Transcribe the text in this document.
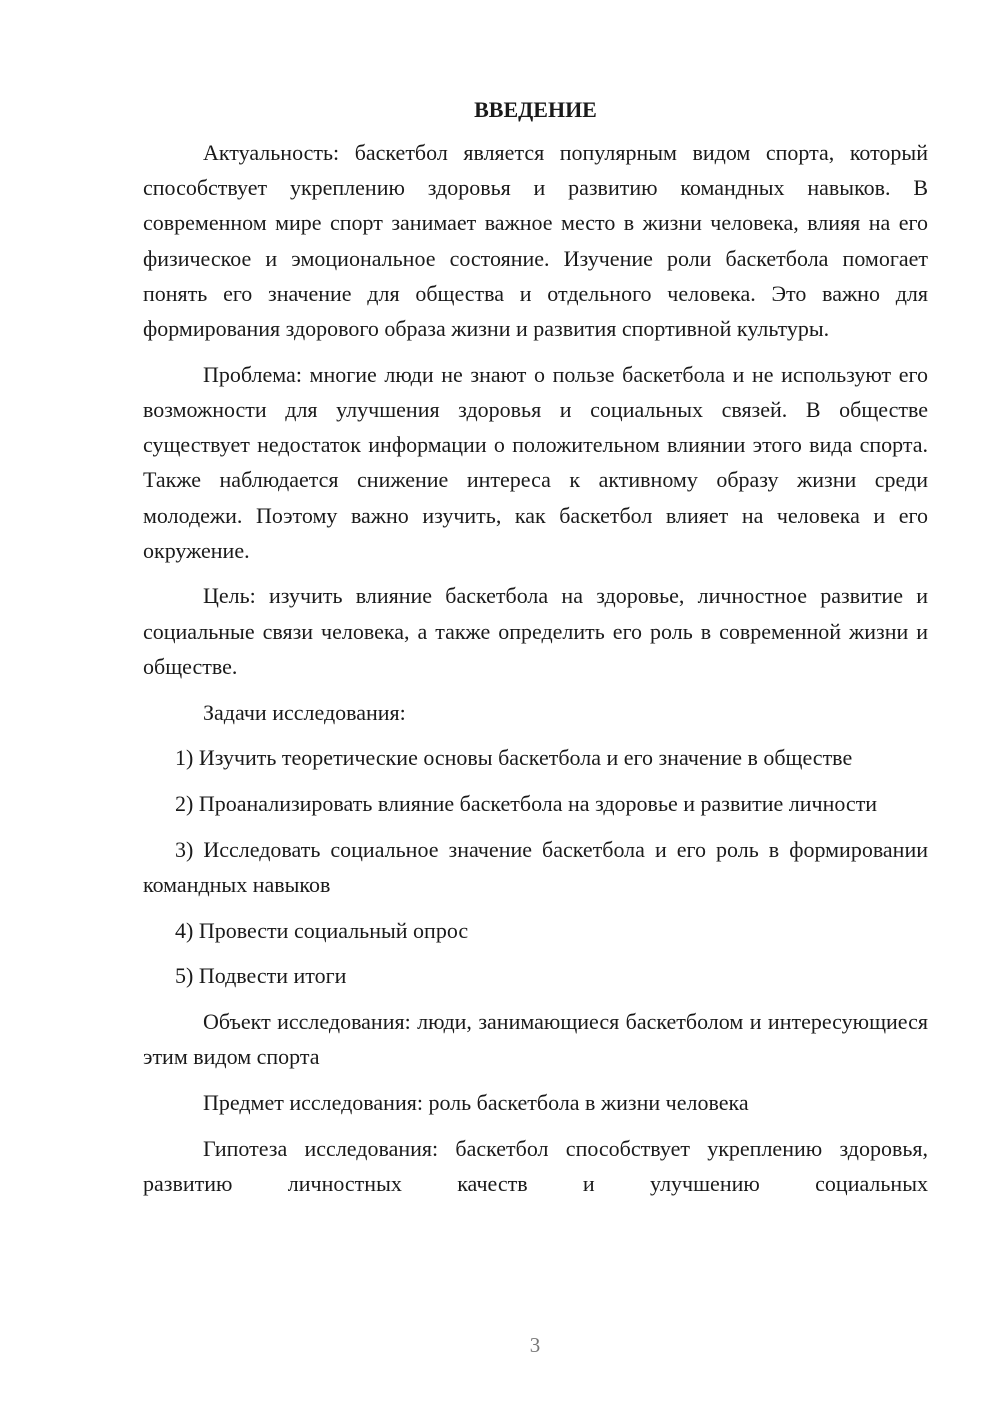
ВВЕДЕНИЕ

Актуальность: баскетбол является популярным видом спорта, который способствует укреплению здоровья и развитию командных навыков. В современном мире спорт занимает важное место в жизни человека, влияя на его физическое и эмоциональное состояние. Изучение роли баскетбола помогает понять его значение для общества и отдельного человека. Это важно для формирования здорового образа жизни и развития спортивной культуры.

Проблема: многие люди не знают о пользе баскетбола и не используют его возможности для улучшения здоровья и социальных связей. В обществе существует недостаток информации о положительном влиянии этого вида спорта. Также наблюдается снижение интереса к активному образу жизни среди молодежи. Поэтому важно изучить, как баскетбол влияет на человека и его окружение.

Цель: изучить влияние баскетбола на здоровье, личностное развитие и социальные связи человека, а также определить его роль в современной жизни и обществе.

Задачи исследования:

1) Изучить теоретические основы баскетбола и его значение в обществе

2) Проанализировать влияние баскетбола на здоровье и развитие личности

3) Исследовать социальное значение баскетбола и его роль в формировании командных навыков

4) Провести социальный опрос

5) Подвести итоги

Объект исследования: люди, занимающиеся баскетболом и интересующиеся этим видом спорта

Предмет исследования: роль баскетбола в жизни человека

Гипотеза исследования: баскетбол способствует укреплению здоровья, развитию личностных качеств и улучшению социальных

3
